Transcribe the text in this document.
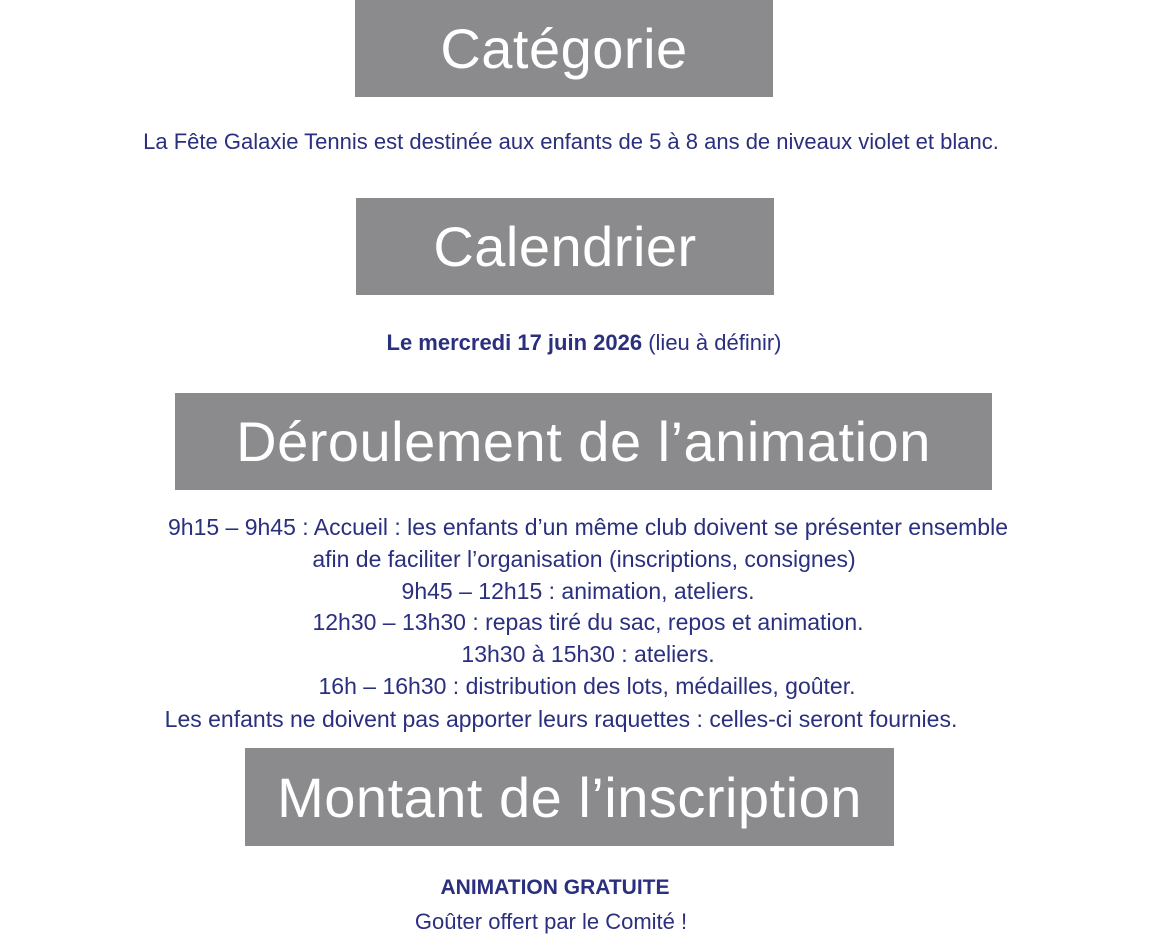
Catégorie
La Fête Galaxie Tennis est destinée aux enfants de 5 à 8 ans de niveaux violet et blanc.
Calendrier
Le mercredi 17 juin 2026 (lieu à définir)
Déroulement de l’animation
9h15 – 9h45 : Accueil : les enfants d’un même club doivent se présenter ensemble
afin de faciliter l’organisation (inscriptions, consignes)
9h45 – 12h15 : animation, ateliers.
12h30 – 13h30 : repas tiré du sac, repos et animation.
13h30 à 15h30 : ateliers.
16h – 16h30 : distribution des lots, médailles, goûter.
Les enfants ne doivent pas apporter leurs raquettes : celles-ci seront fournies.
Montant de l’inscription
ANIMATION GRATUITE
Goûter offert par le Comité !
